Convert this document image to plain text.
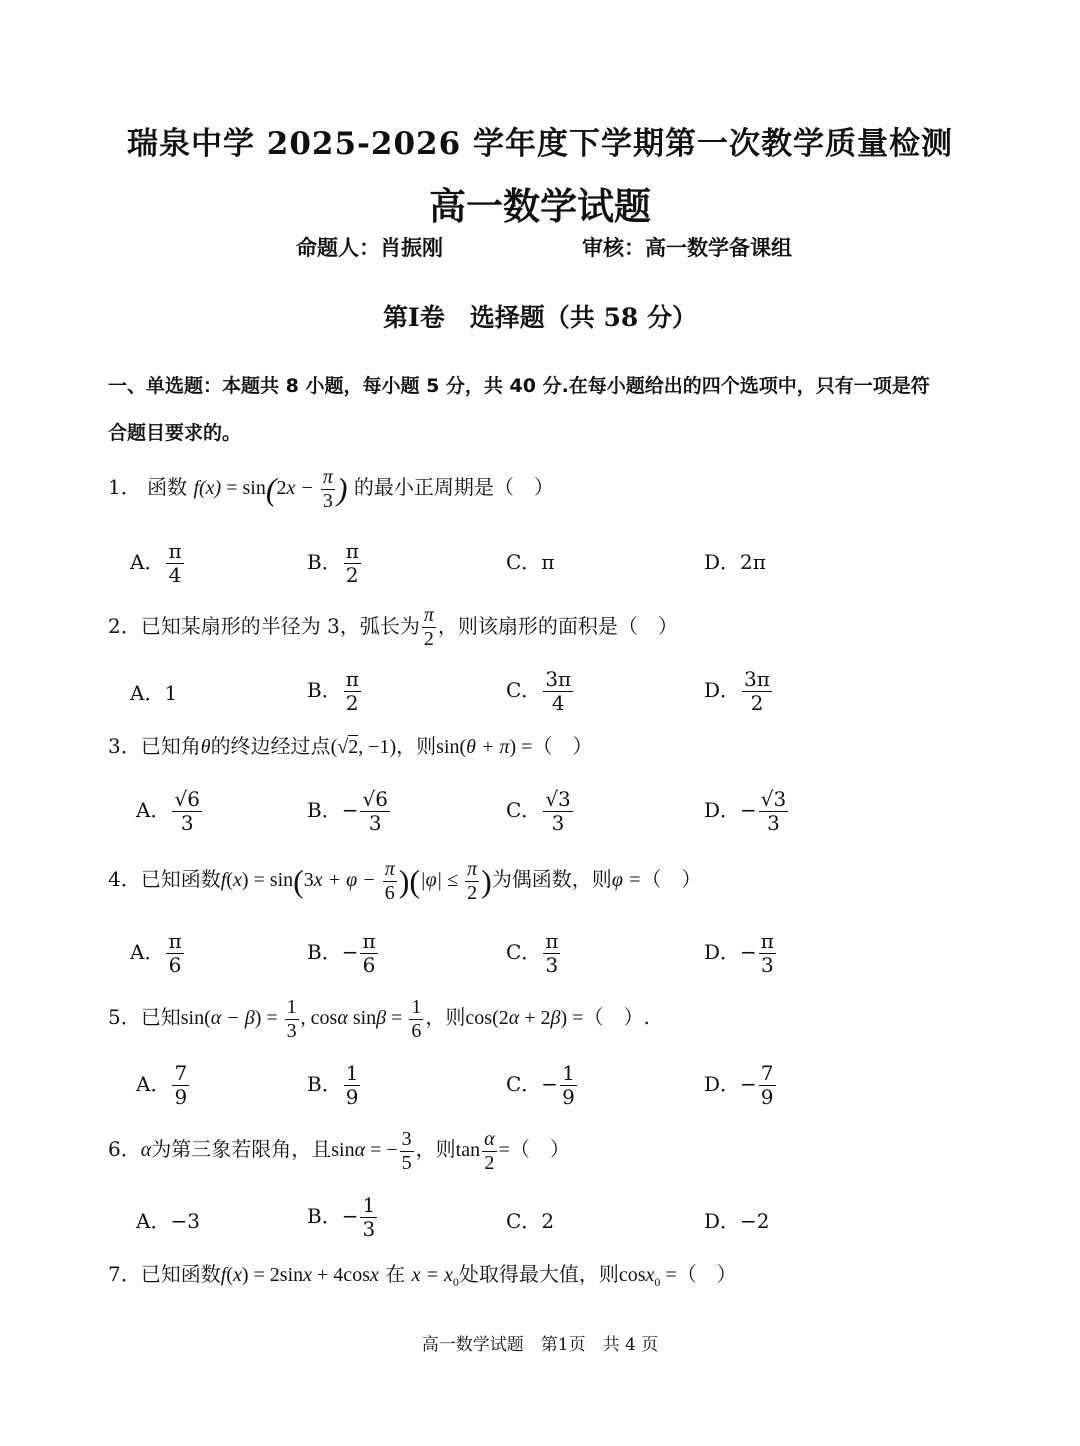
瑞泉中学 2025-2026 学年度下学期第一次教学质量检测
高一数学试题
命题人：肖振刚	审核：高一数学备课组
第Ⅰ卷　选择题（共 58 分）
一、单选题：本题共 8 小题，每小题 5 分，共 40 分.在每小题给出的四个选项中，只有一项是符
合题目要求的。
1． 函数 $f(x) = \sin(2x - \frac{\pi}{3}$ ) 的最小正周期是（　）
A． $\frac{\pi}{4}$	B． $\frac{\pi}{2}$	C．π	D．2π
2．已知某扇形的半径为 3，弧长为 $\frac{\pi}{2}$ ，则该扇形的面积是（　）
A．1	B． $\frac{\pi}{2}$	C． $\frac{3\pi}{4}$	D． $\frac{3\pi}{2}$
3．已知角θ的终边经过点(√2, −1)，则sin(θ + π) =（　）
A． $\frac{√6}{3}$	B．− $\frac{√6}{3}$	C． $\frac{√3}{3}$	D．− $\frac{√3}{3}$
4．已知函数$f(x) = \sin(3x + \varphi - \frac{\pi}{6} )(|\varphi| \le \frac{\pi}{2}$ )为偶函数，则φ =（　）
A． $\frac{\pi}{6}$	B．− $\frac{\pi}{6}$	C． $\frac{\pi}{3}$	D．− $\frac{\pi}{3}$
5．已知$\sin(\alpha - \beta) = \frac{1}{3}$ , cosα $\sin\beta = \frac{1}{6}$ ，则cos(2α + 2β) =（　）.
A． $\frac{7}{9}$	B． $\frac{1}{9}$	C．− $\frac{1}{9}$	D．− $\frac{7}{9}$
6．α为第三象若限角，且sinα = − $\frac{3}{5}$ ，则$\tan \frac{\alpha}{2}$ =（　）
A．−3	B．− $\frac{1}{3}$	C．2	D．−2
7．已知函数f(x) = 2sinx + 4cosx 在 $x = x_0$处取得最大值，则cosx$_0$ =（　）
高一数学试题　第1页　共 4 页
